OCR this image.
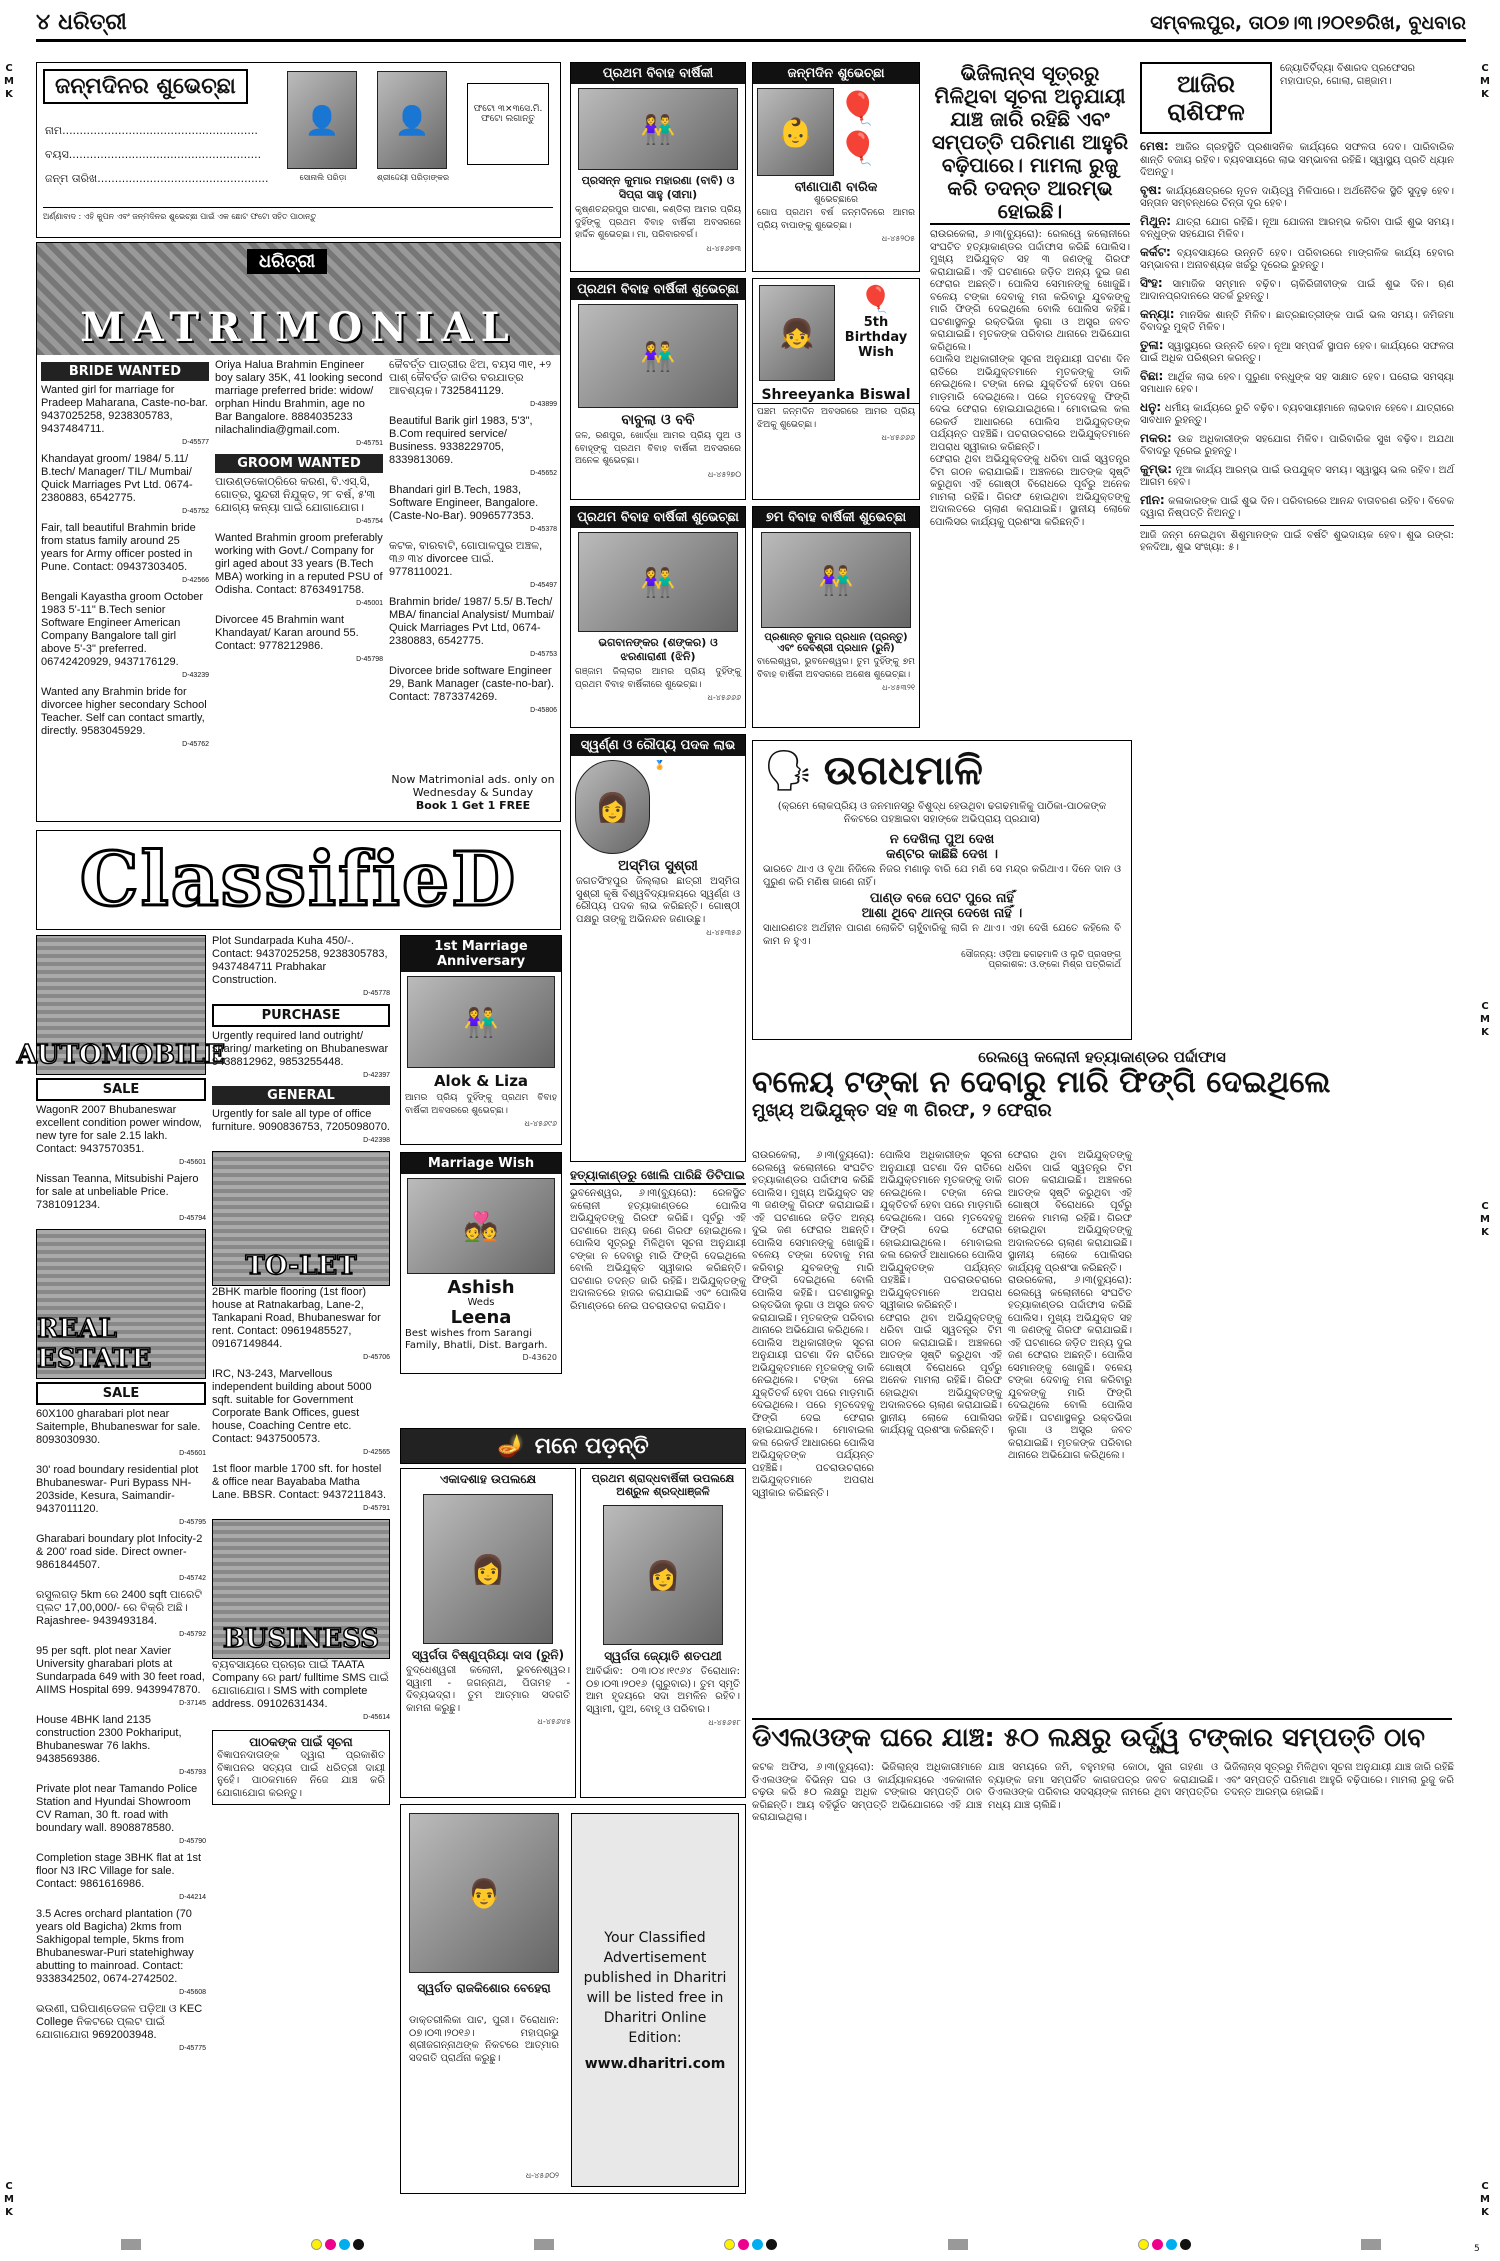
C
M
K
C
M
K
C
M
K
C
M
K
C
M
K
C
M
K
୪ ଧରିତ୍ରୀ	ସମ୍ବଲପୁର, ତା୦୭।୩।୨୦୧୭ରିଖ, ବୁଧବାର
ଜନ୍ମଦିନର ଶୁଭେଚ୍ଛା
ନାମ........................................................
ବୟସ.......................................................
ଜନ୍ମ ତାରିଖ.................................................
👤
ସୋନାଲି ପରିଡ଼ା
👤
ଶ୍ରୀଦ୍ଦେୟୀ ପରିଡ଼ାଙ୍କର
ଫଟୋ ୩×୩ସେ.ମି. ଫଟୋ ଲଗାନ୍ତୁ
ଅର୍ଣ୍ଣାବାଦ : ଏହି କୁପନ ଏବଂ ଜନ୍ମଦିନର ଶୁଭେଚ୍ଛା ପାଇଁ ଏକ ଛୋଟ ଫଟୋ ସହିତ ପାଠାନ୍ତୁ
ଧରିତ୍ରୀ
MATRIMONIAL
BRIDE WANTED
Wanted girl for marriage for Pradeep Maharana, Caste-no-bar. 9437025258, 9238305783, 9437484711.
D-45577
Khandayat groom/ 1984/ 5.11/ B.tech/ Manager/ TIL/ Mumbai/ Quick Marriages Pvt Ltd. 0674-2380883, 6542775.
D-45752
Fair, tall beautiful Brahmin bride from status family around 25 years for Army officer posted in Pune. Contact: 09437303405.
D-42566
Bengali Kayastha groom October 1983 5'-11" B.Tech senior Software Engineer American Company Bangalore tall girl above 5'-3" preferred. 06742420929, 9437176129.
D-43239
Wanted any Brahmin bride for divorcee higher secondary School Teacher. Self can contact smartly, directly. 9583045929.
D-45762
Oriya Halua Brahmin Engineer boy salary 35K, 41 looking second marriage preferred bride: widow/ orphan Hindu Brahmin, age no Bar Bangalore. 8884035233 nilachalindia@gmail.com.
D-45751
GROOM WANTED
ପାଉଣ୍ଡକୋଠ୍ରିରେ କରଣ, ବି.ଏସ୍.ସି, ଗୋତ୍ର, ସୁନ୍ଦରୀ ନିଯୁକ୍ତ, ୨୮ ବର୍ଷ, ୫'୩ ଯୋଗ୍ୟ କନ୍ୟା ପାଇଁ ଯୋଗାଯୋଗ।
D-45754
Wanted Brahmin groom preferably working with Govt./ Company for girl aged about 33 years (B.Tech MBA) working in a reputed PSU of Odisha. Contact: 8763491758.
D-45001
Divorcee 45 Brahmin want Khandayat/ Karan around 55. Contact: 9778212986.
D-45798
କୈବର୍ତ୍ତ ପାତ୍ରୀର ଝିଅ, ବୟସ ୩୧, +୨ ପାଶ୍ କୈବର୍ତ୍ତ ଜାତିର ବରଯାତ୍ର ଆବଶ୍ୟକ। 7325841129.
D-43899
Beautiful Barik girl 1983, 5'3", B.Com required service/ Business. 9338229705, 8339813069.
D-45652
Bhandari girl B.Tech, 1983, Software Engineer, Bangalore. (Caste-No-Bar). 9096577353.
D-45378
କଟକ, ବାରବାଟି, ଗୋପାଳପୁର ଅଞ୍ଚଳ, ୩୬ ୩୪ divorcee ପାଇଁ. 9778110021.
D-45497
Brahmin bride/ 1987/ 5.5/ B.Tech/ MBA/ financial Analysist/ Mumbai/ Quick Marriages Pvt Ltd, 0674-2380883, 6542775.
D-45753
Divorcee bride software Engineer 29, Bank Manager (caste-no-bar). Contact: 7873374269.
D-45806
Now Matrimonial ads. only on Wednesday & Sunday
Book 1 Get 1 FREE
ClassifieD
AUTOMOBILE
SALE
WagonR 2007 Bhubaneswar excellent condition power window, new tyre for sale 2.15 lakh. Contact: 9437570351.
D-45601
Nissan Teanna, Mitsubishi Pajero for sale at unbeliable Price. 7381091234.
D-45794
REAL ESTATE
SALE
60X100 gharabari plot near Saitemple, Bhubaneswar for sale. 8093030930.
D-45601
30' road boundary residential plot Bhubaneswar- Puri Bypass NH-203side, Kesura, Saimandir- 9437011120.
D-45795
Gharabari boundary plot Infocity-2 & 200' road side. Direct owner- 9861844507.
D-45742
ରସୁଲଗଡ଼ 5km ରେ 2400 sqft ପାରେଟି ପ୍ଲଟ 17,00,000/- ରେ ବିକ୍ରି ଅଛି। Rajashree- 9439493184.
D-45792
95 per sqft. plot near Xavier University gharabari plots at Sundarpada 649 with 30 feet road, AIIMS Hospital 699. 9439947870.
D-37145
House 4BHK land 2135 construction 2300 Pokhariput, Bhubaneswar 76 lakhs. 9438569386.
D-45793
Private plot near Tamando Police Station and Hyundai Showroom CV Raman, 30 ft. road with boundary wall. 8908878580.
D-45790
Completion stage 3BHK flat at 1st floor N3 IRC Village for sale. Contact: 9861616986.
D-44214
3.5 Acres orchard plantation (70 years old Bagicha) 2kms from Sakhigopal temple, 5kms from Bhubaneswar-Puri statehighway abutting to mainroad. Contact: 9338342502, 0674-2742502.
D-45608
ଭଉଣୀ, ଘରିପାଣ୍ଡେଜଳ ପଡ଼ିଆ ଓ KEC College ନିକଟରେ ପ୍ଲଟ ପାଇଁ ଯୋଗାଯୋଗ 9692003948.
D-45775
Plot Sundarpada Kuha 450/-. Contact: 9437025258, 9238305783, 9437484711 Prabhakar Construction.
D-45778
PURCHASE
Urgently required land outright/ sharing/ marketing on Bhubaneswar 9438812962, 9853255448.
D-42397
GENERAL
Urgently for sale all type of office furniture. 9090836753, 7205098070.
D-42398
TO-LET
2BHK marble flooring (1st floor) house at Ratnakarbag, Lane-2, Tankapani Road, Bhubaneswar for rent. Contact: 09619485527, 09167149844.
D-45706
IRC, N3-243, Marvellous independent building about 5000 sqft. suitable for Government Corporate Bank Offices, guest house, Coaching Centre etc. Contact: 9437500573.
D-42565
1st floor marble 1700 sft. for hostel & office near Bayababa Matha Lane. BBSR. Contact: 9437211843.
D-45791
BUSINESS
ବ୍ୟବସାୟରେ ପ୍ରଚାର ପାଇଁ TAATA Company ରେ part/ fulltime SMS ପାଇଁ ଯୋଗାଯୋଗ। SMS with complete address. 09102631434.
D-45614
ପାଠକଙ୍କ ପାଇଁ ସୂଚନା
ବିଜ୍ଞାପନଦାତାଙ୍କ ଦ୍ୱାରା ପ୍ରକାଶିତ ବିଜ୍ଞାପନର ସତ୍ୟତା ପାଇଁ ଧରିତ୍ରୀ ଦାୟୀ ନୁହେଁ। ପାଠକମାନେ ନିଜେ ଯାଞ୍ଚ କରି ଯୋଗାଯୋଗ କରନ୍ତୁ।
ପ୍ରଥମ ବିବାହ ବାର୍ଷିକୀ
👫
ପ୍ରସନ୍ନ କୁମାର ମହାରଣା (ବାବି) ଓ ସିପ୍ରା ସାହୁ (ସୀମା)
କୃଷ୍ଣଚନ୍ଦ୍ରପୁର ପାଟଣା, କଣ୍ଡିଲା ଆମର ପ୍ରିୟ ଦୁହିଁଙ୍କୁ ପ୍ରଥମ ବିବାହ ବାର୍ଷିକୀ ଅବସରରେ ହାର୍ଦ୍ଦିକ ଶୁଭେଚ୍ଛା। ମା, ପରିବାରବର୍ଗ।
ଧ-୪୫୬୭୩
ଜନ୍ମଦିନ ଶୁଭେଚ୍ଛା
👶
🎈🎈
ବୀଣାପାଣି ବାରିକ
ଶୁଭେଚ୍ଛାରେ
ଗୋପ ପ୍ରଥମ ବର୍ଷ ଜନ୍ମଦିନରେ ଆମର ପ୍ରିୟ ବାପାଙ୍କୁ ଶୁଭେଚ୍ଛା।
ଧ-୪୫୨୦୫
ପ୍ରଥମ ବିବାହ ବାର୍ଷିକୀ ଶୁଭେଚ୍ଛା
👫
ବାବୁଲା ଓ ବବି
ଜଳ, ରଣପୁର, ଖୋର୍ଦ୍ଧା ଆମର ପ୍ରିୟ ପୁଅ ଓ ବୋହୂଙ୍କୁ ପ୍ରଥମ ବିବାହ ବାର୍ଷିକୀ ଅବସରରେ ଅନେକ ଶୁଭେଚ୍ଛା।
ଧ-୪୫୨୭୦
👧
🎈
5th Birthday Wish
Shreeyanka Biswal
ପଞ୍ଚମ ଜନ୍ମଦିନ ଅବସରରେ ଆମର ପ୍ରିୟ ଝିଅକୁ ଶୁଭେଚ୍ଛା।
ଧ-୪୫୬୬୬
ପ୍ରଥମ ବିବାହ ବାର୍ଷିକୀ ଶୁଭେଚ୍ଛା
👫
ଭଗବାନଙ୍କର (ଶଙ୍କର) ଓ ଝରଣାରାଣୀ (ଝିନି)
ଗଞ୍ଜାମ ଜିଲ୍ଲାର ଆମର ପ୍ରିୟ ଦୁହିଁଙ୍କୁ ପ୍ରଥମ ବିବାହ ବାର୍ଷିକୀରେ ଶୁଭେଚ୍ଛା।
ଧ-୪୫୬୬୬
୭ମ ବିବାହ ବାର୍ଷିକୀ ଶୁଭେଚ୍ଛା
👫
ପ୍ରଶାନ୍ତ କୁମାର ପ୍ରଧାନ (ପ୍ରନ୍ତୁ) ଏବଂ ଦେବଶ୍ରୀ ପ୍ରଧାନ (ରୁନି)
ବାଲେଶ୍ୱର, ଭୁବନେଶ୍ୱର। ତୁମ ଦୁହିଁଙ୍କୁ ୭ମ ବିବାହ ବାର୍ଷିକୀ ଅବସରରେ ଅଶେଷ ଶୁଭେଚ୍ଛା।
ଧ-୪୫୩୨୧
ସ୍ୱର୍ଣ୍ଣ ଓ ରୌପ୍ୟ ପଦକ ଲାଭ
👩
🏅
ଅସ୍ମିତା ସୁଶ୍ରୀ
ଜଗତସିଂହପୁର ଜିଲ୍ଲାର ଛାତ୍ରୀ ଅସ୍ମିତା ସୁଶ୍ରୀ କୃଷି ବିଶ୍ୱବିଦ୍ୟାଳୟରେ ସ୍ୱର୍ଣ୍ଣ ଓ ରୌପ୍ୟ ପଦକ ଲାଭ କରିଛନ୍ତି। ଗୋଷ୍ଠୀ ପକ୍ଷରୁ ତାଙ୍କୁ ଅଭିନନ୍ଦନ ଜଣାଉଛୁ।
ଧ-୪୫୩୫୬
1st Marriage Anniversary
👫
Alok & Liza
ଆମର ପ୍ରିୟ ଦୁହିଁଙ୍କୁ ପ୍ରଥମ ବିବାହ ବାର୍ଷିକୀ ଅବସରରେ ଶୁଭେଚ୍ଛା।
ଧ-୪୫୬୯୬
Marriage Wish
💑
Ashish
Weds
Leena
Best wishes from Sarangi Family, Bhatli, Dist. Bargarh.
D-43620
ହତ୍ୟାକାଣ୍ଡରୁ ଖୋଲି ପାରିଛି ଡିଟିପାଇ
ଭୁବନେଶ୍ୱର, ୬।୩(ବ୍ୟୁରୋ): ରେଳସ୍ଥିତ କଲୋନୀ ହତ୍ୟାକାଣ୍ଡରେ ପୋଲିସ ଅଭିଯୁକ୍ତଙ୍କୁ ଗିରଫ କରିଛି। ପୂର୍ବରୁ ଏହି ଘଟଣାରେ ଅନ୍ୟ ଜଣେ ଗିରଫ ହୋଇଥିଲେ। ପୋଲିସ ସୂତ୍ରରୁ ମିଳିଥିବା ସୂଚନା ଅନୁଯାୟୀ ଟଙ୍କା ନ ଦେବାରୁ ମାରି ଫିଙ୍ଗି ଦେଇଥିଲେ ବୋଲି ଅଭିଯୁକ୍ତ ସ୍ୱୀକାର କରିଛନ୍ତି। ଘଟଣାର ତଦନ୍ତ ଜାରି ରହିଛି। ଅଭିଯୁକ୍ତଙ୍କୁ ଅଦାଲତରେ ହାଜର କରାଯାଇଛି ଏବଂ ପୋଲିସ ରିମାଣ୍ଡରେ ନେଇ ପଚରାଉଚରା କରାଯିବ।
🗣 ଉଗଧମାଳି
(କ୍ରମେ ଲୋକପ୍ରିୟ ଓ ଜନମାନସରୁ ବିଶୁଦ୍ଧ ହେଉଥିବା ଢଗଢମାଳିକୁ ପାଠିକା-ପାଠକଙ୍କ ନିକଟରେ ପହଞ୍ଚାଇବା ସହାଙ୍କେ ଅଭିପ୍ରାୟ ପ୍ରଯାସ)
ନ ଦେଖିଲା ପୁଅ ଦେଖ
କଣ୍ଟର କାଛିଛି ଦେଖ ।
ଭାରତେ ଥାଏ ଓ ବୃଥା ନିଜିଲେ ନିଜର ମଣାଲୁ ବାରି ଯେ ମଣି ସେ ମନ୍ଦ୍ର କରିଥାଏ। ଦିନେ ଦାନ ଓ ପୁରୁଣ କରି ମଣିଷ ଜାଣେ ନାହିଁ।
ପାଣ୍ଡ ବଜେ ପେଟ ପୁରେ ନାହିଁ
ଆଶା ଥିବେ ଥାନ୍ତା ଦେଖେ ନାହିଁ ।
ସାଧାରଣତଃ ଅର୍ଥହୀନ ପାଗଣ ଲୋକିଟି ଚାହୁଁବାରିକୁ ଲାଗି ନ ଥାଏ। ଏହା ଦେଖି ଯେତେ କହିଲେ ବି କାମ ନ ହୁଏ।
ସୌଜନ୍ୟ: ଓଡ଼ିଆ ଢଗଢମାଳି ଓ ଲୁଚି ପ୍ରସଙ୍ଗ
ପ୍ରକାଶକ: ଓ.ଙ୍କୋ ମିଶ୍ର ପତ୍ରିକାର୍ଥ
ଭିଜିଲାନ୍ସ ସୂତ୍ରରୁ ମିଳିଥିବା ସୂଚନା ଅନୁଯାୟୀ ଯାଞ୍ଚ ଜାରି ରହିଛି ଏବଂ ସମ୍ପତ୍ତି ପରିମାଣ ଆହୁରି ବଢ଼ିପାରେ। ମାମଲା ରୁଜୁ କରି ତଦନ୍ତ ଆରମ୍ଭ ହୋଇଛି।
ରାଉରକେଲା, ୬।୩(ବ୍ୟୁରୋ): ରେଲୱେ କଲୋନୀରେ ସଂଘଟିତ ହତ୍ୟାକାଣ୍ଡର ପର୍ଦ୍ଦାଫାସ କରିଛି ପୋଲିସ। ମୁଖ୍ୟ ଅଭିଯୁକ୍ତ ସହ ୩ ଜଣଙ୍କୁ ଗିରଫ କରାଯାଇଛି। ଏହି ଘଟଣାରେ ଜଡ଼ିତ ଅନ୍ୟ ଦୁଇ ଜଣ ଫେରାର ଅଛନ୍ତି। ପୋଲିସ ସେମାନଙ୍କୁ ଖୋଜୁଛି। ବଳେୟ ଟଙ୍କା ଦେବାକୁ ମନା କରିବାରୁ ଯୁବକଙ୍କୁ ମାରି ଫିଙ୍ଗି ଦେଇଥିଲେ ବୋଲି ପୋଲିସ କହିଛି। ଘଟଣାସ୍ଥଳରୁ ରକ୍ତଭିଜା ଲୁଗା ଓ ଅସ୍ତ୍ର ଜବତ କରାଯାଇଛି। ମୃତକଙ୍କ ପରିବାର ଥାନାରେ ଅଭିଯୋଗ କରିଥିଲେ।
ପୋଲିସ ଅଧିକାରୀଙ୍କ ସୂଚନା ଅନୁଯାୟୀ ଘଟଣା ଦିନ ରାତିରେ ଅଭିଯୁକ୍ତମାନେ ମୃତକଙ୍କୁ ଡାକି ନେଇଥିଲେ। ଟଙ୍କା ନେଇ ଯୁକ୍ତିତର୍କ ହେବା ପରେ ମାଡ଼ମାରି ଦେଇଥିଲେ। ପରେ ମୃତଦେହକୁ ଫିଙ୍ଗି ଦେଇ ଫେରାର ହୋଇଯାଇଥିଲେ। ମୋବାଇଲ କଲ ରେକର୍ଡ ଆଧାରରେ ପୋଲିସ ଅଭିଯୁକ୍ତଙ୍କ ପର୍ଯ୍ୟନ୍ତ ପହଞ୍ଚିଛି। ପଚରାଉଚରାରେ ଅଭିଯୁକ୍ତମାନେ ଅପରାଧ ସ୍ୱୀକାର କରିଛନ୍ତି।
ଫେରାର ଥିବା ଅଭିଯୁକ୍ତଙ୍କୁ ଧରିବା ପାଇଁ ସ୍ୱତନ୍ତ୍ର ଟିମ ଗଠନ କରାଯାଇଛି। ଅଞ୍ଚଳରେ ଆତଙ୍କ ସୃଷ୍ଟି କରୁଥିବା ଏହି ଗୋଷ୍ଠୀ ବିରୋଧରେ ପୂର୍ବରୁ ଅନେକ ମାମଲା ରହିଛି। ଗିରଫ ହୋଇଥିବା ଅଭିଯୁକ୍ତଙ୍କୁ ଅଦାଲତରେ ଚାଲାଣ କରାଯାଇଛି। ସ୍ଥାନୀୟ ଲୋକେ ପୋଲିସର କାର୍ଯ୍ୟକୁ ପ୍ରଶଂସା କରିଛନ୍ତି।
ରେଲୱେ କଲୋନୀ ହତ୍ୟାକାଣ୍ଡର ପର୍ଦ୍ଦାଫାସ
ବଳେୟ ଟଙ୍କା ନ ଦେବାରୁ ମାରି ଫିଙ୍ଗି ଦେଇଥିଲେ
ମୁଖ୍ୟ ଅଭିଯୁକ୍ତ ସହ ୩ ଗିରଫ, ୨ ଫେରାର
ରାଉରକେଲା, ୬।୩(ବ୍ୟୁରୋ): ରେଲୱେ କଲୋନୀରେ ସଂଘଟିତ ହତ୍ୟାକାଣ୍ଡର ପର୍ଦ୍ଦାଫାସ କରିଛି ପୋଲିସ। ମୁଖ୍ୟ ଅଭିଯୁକ୍ତ ସହ ୩ ଜଣଙ୍କୁ ଗିରଫ କରାଯାଇଛି। ଏହି ଘଟଣାରେ ଜଡ଼ିତ ଅନ୍ୟ ଦୁଇ ଜଣ ଫେରାର ଅଛନ୍ତି। ପୋଲିସ ସେମାନଙ୍କୁ ଖୋଜୁଛି। ବଳେୟ ଟଙ୍କା ଦେବାକୁ ମନା କରିବାରୁ ଯୁବକଙ୍କୁ ମାରି ଫିଙ୍ଗି ଦେଇଥିଲେ ବୋଲି ପୋଲିସ କହିଛି। ଘଟଣାସ୍ଥଳରୁ ରକ୍ତଭିଜା ଲୁଗା ଓ ଅସ୍ତ୍ର ଜବତ କରାଯାଇଛି। ମୃତକଙ୍କ ପରିବାର ଥାନାରେ ଅଭିଯୋଗ କରିଥିଲେ।
ପୋଲିସ ଅଧିକାରୀଙ୍କ ସୂଚନା ଅନୁଯାୟୀ ଘଟଣା ଦିନ ରାତିରେ ଅଭିଯୁକ୍ତମାନେ ମୃତକଙ୍କୁ ଡାକି ନେଇଥିଲେ। ଟଙ୍କା ନେଇ ଯୁକ୍ତିତର୍କ ହେବା ପରେ ମାଡ଼ମାରି ଦେଇଥିଲେ। ପରେ ମୃତଦେହକୁ ଫିଙ୍ଗି ଦେଇ ଫେରାର ହୋଇଯାଇଥିଲେ। ମୋବାଇଲ କଲ ରେକର୍ଡ ଆଧାରରେ ପୋଲିସ ଅଭିଯୁକ୍ତଙ୍କ ପର୍ଯ୍ୟନ୍ତ ପହଞ୍ଚିଛି। ପଚରାଉଚରାରେ ଅଭିଯୁକ୍ତମାନେ ଅପରାଧ ସ୍ୱୀକାର କରିଛନ୍ତି।
ପୋଲିସ ଅଧିକାରୀଙ୍କ ସୂଚନା ଅନୁଯାୟୀ ଘଟଣା ଦିନ ରାତିରେ ଅଭିଯୁକ୍ତମାନେ ମୃତକଙ୍କୁ ଡାକି ନେଇଥିଲେ। ଟଙ୍କା ନେଇ ଯୁକ୍ତିତର୍କ ହେବା ପରେ ମାଡ଼ମାରି ଦେଇଥିଲେ। ପରେ ମୃତଦେହକୁ ଫିଙ୍ଗି ଦେଇ ଫେରାର ହୋଇଯାଇଥିଲେ। ମୋବାଇଲ କଲ ରେକର୍ଡ ଆଧାରରେ ପୋଲିସ ଅଭିଯୁକ୍ତଙ୍କ ପର୍ଯ୍ୟନ୍ତ ପହଞ୍ଚିଛି। ପଚରାଉଚରାରେ ଅଭିଯୁକ୍ତମାନେ ଅପରାଧ ସ୍ୱୀକାର କରିଛନ୍ତି।
ଫେରାର ଥିବା ଅଭିଯୁକ୍ତଙ୍କୁ ଧରିବା ପାଇଁ ସ୍ୱତନ୍ତ୍ର ଟିମ ଗଠନ କରାଯାଇଛି। ଅଞ୍ଚଳରେ ଆତଙ୍କ ସୃଷ୍ଟି କରୁଥିବା ଏହି ଗୋଷ୍ଠୀ ବିରୋଧରେ ପୂର୍ବରୁ ଅନେକ ମାମଲା ରହିଛି। ଗିରଫ ହୋଇଥିବା ଅଭିଯୁକ୍ତଙ୍କୁ ଅଦାଲତରେ ଚାଲାଣ କରାଯାଇଛି। ସ୍ଥାନୀୟ ଲୋକେ ପୋଲିସର କାର୍ଯ୍ୟକୁ ପ୍ରଶଂସା କରିଛନ୍ତି।
ଫେରାର ଥିବା ଅଭିଯୁକ୍ତଙ୍କୁ ଧରିବା ପାଇଁ ସ୍ୱତନ୍ତ୍ର ଟିମ ଗଠନ କରାଯାଇଛି। ଅଞ୍ଚଳରେ ଆତଙ୍କ ସୃଷ୍ଟି କରୁଥିବା ଏହି ଗୋଷ୍ଠୀ ବିରୋଧରେ ପୂର୍ବରୁ ଅନେକ ମାମଲା ରହିଛି। ଗିରଫ ହୋଇଥିବା ଅଭିଯୁକ୍ତଙ୍କୁ ଅଦାଲତରେ ଚାଲାଣ କରାଯାଇଛି। ସ୍ଥାନୀୟ ଲୋକେ ପୋଲିସର କାର୍ଯ୍ୟକୁ ପ୍ରଶଂସା କରିଛନ୍ତି।
ରାଉରକେଲା, ୬।୩(ବ୍ୟୁରୋ): ରେଲୱେ କଲୋନୀରେ ସଂଘଟିତ ହତ୍ୟାକାଣ୍ଡର ପର୍ଦ୍ଦାଫାସ କରିଛି ପୋଲିସ। ମୁଖ୍ୟ ଅଭିଯୁକ୍ତ ସହ ୩ ଜଣଙ୍କୁ ଗିରଫ କରାଯାଇଛି। ଏହି ଘଟଣାରେ ଜଡ଼ିତ ଅନ୍ୟ ଦୁଇ ଜଣ ଫେରାର ଅଛନ୍ତି। ପୋଲିସ ସେମାନଙ୍କୁ ଖୋଜୁଛି। ବଳେୟ ଟଙ୍କା ଦେବାକୁ ମନା କରିବାରୁ ଯୁବକଙ୍କୁ ମାରି ଫିଙ୍ଗି ଦେଇଥିଲେ ବୋଲି ପୋଲିସ କହିଛି। ଘଟଣାସ୍ଥଳରୁ ରକ୍ତଭିଜା ଲୁଗା ଓ ଅସ୍ତ୍ର ଜବତ କରାଯାଇଛି। ମୃତକଙ୍କ ପରିବାର ଥାନାରେ ଅଭିଯୋଗ କରିଥିଲେ।
🪔 ମନେ ପଡ଼ନ୍ତି
ଏକାଦଶାହ ଉପଲକ୍ଷେ
👩
ସ୍ୱର୍ଗତା ବିଷ୍ଣୁପ୍ରିୟା ଦାସ (ରୁନି)
ବୁଦ୍ଧେଶ୍ୱରୀ କଲୋନୀ, ଭୁବନେଶ୍ୱର। ସ୍ୱାମୀ - ଜଗନ୍ନାଥ, ପିତାମହ - ଦିବ୍ୟଭଦ୍ରା। ତୁମ ଆତ୍ମାର ସଦଗତି କାମନା କରୁଛୁ।
ଧ-୪୫୬୪୫
ପ୍ରଥମ ଶ୍ରାଦ୍ଧବାର୍ଷିକୀ ଉପଲକ୍ଷେ ଅଶ୍ରୁଳ ଶ୍ରଦ୍ଧାଞ୍ଜଳି
👩
ସ୍ୱର୍ଗତା ଜ୍ୟୋତି ଶତପଥୀ
ଆବିର୍ଭାବ: ୦୩।୦୪।୧୯୬୪ ତିରୋଧାନ: ୦୭।୦୩।୨୦୧୬ (ଗୁରୁବାର)। ତୁମ ସ୍ମୃତି ଆମ ହୃଦୟରେ ସଦା ଅମଳିନ ରହିବ। ସ୍ୱାମୀ, ପୁଅ, ବୋହୂ ଓ ପରିବାର।
ଧ-୪୫୬୫୮
👨
ସ୍ୱର୍ଗତ ରାଜକିଶୋର ବେହେରା
ଡାକ୍ତରୀଲିକା ପାଟ, ପୁରୀ। ତିରୋଧାନ: ୦୭।୦୩।୨୦୧୬। ମହାପ୍ରଭୁ ଶ୍ରୀଜଗନ୍ନାଥଙ୍କ ନିକଟରେ ଆତ୍ମାର ସଦଗତି ପ୍ରାର୍ଥନା କରୁଛୁ।
ଧ-୪୫୬୦୨
Your Classified Advertisement published in Dharitri will be listed free in Dharitri Online Edition:
www.dharitri.com
ଡିଏଲଓଙ୍କ ଘରେ ଯାଞ୍ଚ: ୫୦ ଲକ୍ଷରୁ ଉର୍ଦ୍ଧ୍ୱ ଟଙ୍କାର ସମ୍ପତ୍ତି ଠାବ
କଟକ ଅଫିସ, ୬।୩(ବ୍ୟୁରୋ): ଭିଜିଲାନ୍ସ ଅଧିକାରୀମାନେ ଡିଏଲଓଙ୍କ ବିଭିନ୍ନ ଘର ଓ କାର୍ଯ୍ୟାଳୟରେ ଏକକାଳୀନ ଚଢ଼ଉ କରି ୫୦ ଲକ୍ଷରୁ ଅଧିକ ଟଙ୍କାର ସମ୍ପତ୍ତି ଠାବ କରିଛନ୍ତି। ଆୟ ବହିର୍ଭୂତ ସମ୍ପତ୍ତି ଅଭିଯୋଗରେ ଏହି ଯାଞ୍ଚ କରାଯାଇଥିଲା।
ଯାଞ୍ଚ ସମୟରେ ଜମି, ବହୁମହଲା କୋଠା, ସୁନା ଗହଣା ଓ ବ୍ୟାଙ୍କ ଜମା ସମ୍ପର୍କିତ କାଗଜପତ୍ର ଜବତ କରାଯାଇଛି। ଡିଏଲଓଙ୍କ ପରିବାର ସଦସ୍ୟଙ୍କ ନାମରେ ଥିବା ସମ୍ପତ୍ତିର ମଧ୍ୟ ଯାଞ୍ଚ ଚାଲିଛି।
ଭିଜିଲାନ୍ସ ସୂତ୍ରରୁ ମିଳିଥିବା ସୂଚନା ଅନୁଯାୟୀ ଯାଞ୍ଚ ଜାରି ରହିଛି ଏବଂ ସମ୍ପତ୍ତି ପରିମାଣ ଆହୁରି ବଢ଼ିପାରେ। ମାମଲା ରୁଜୁ କରି ତଦନ୍ତ ଆରମ୍ଭ ହୋଇଛି।
ଆଜିର ରାଶିଫଳ
ଜ୍ୟୋତିର୍ବିଦ୍ୟା ବିଶାରଦ ପ୍ରଫେସର ମହାପାତ୍ର, ଗୋଲା, ଗଞ୍ଜାମ।

ମେଷ: ଆଜିର ଗ୍ରହସ୍ଥିତି ପ୍ରଶାସନିକ କାର୍ଯ୍ୟରେ ସଫଳତା ଦେବ। ପାରିବାରିକ ଶାନ୍ତି ବଜାୟ ରହିବ। ବ୍ୟବସାୟରେ ଲାଭ ସମ୍ଭାବନା ରହିଛି। ସ୍ୱାସ୍ଥ୍ୟ ପ୍ରତି ଧ୍ୟାନ ଦିଅନ୍ତୁ।

ବୃଷ: କାର୍ଯ୍ୟକ୍ଷେତ୍ରରେ ନୂତନ ଦାୟିତ୍ୱ ମିଳିପାରେ। ଅର୍ଥନୈତିକ ସ୍ଥିତି ସୁଦୃଢ଼ ହେବ। ସନ୍ତାନ ସମ୍ବନ୍ଧରେ ଚିନ୍ତା ଦୂର ହେବ।

ମିଥୁନ: ଯାତ୍ରା ଯୋଗ ରହିଛି। ନୂଆ ଯୋଜନା ଆରମ୍ଭ କରିବା ପାଇଁ ଶୁଭ ସମୟ। ବନ୍ଧୁଙ୍କ ସହଯୋଗ ମିଳିବ।

କର୍କଟ: ବ୍ୟବସାୟରେ ଉନ୍ନତି ହେବ। ପରିବାରରେ ମାଙ୍ଗଳିକ କାର୍ଯ୍ୟ ହେବାର ସମ୍ଭାବନା। ଅନାବଶ୍ୟକ ଖର୍ଚ୍ଚରୁ ଦୂରେଇ ରୁହନ୍ତୁ।

ସିଂହ: ସାମାଜିକ ସମ୍ମାନ ବଢ଼ିବ। ଚାକିରିଜୀବୀଙ୍କ ପାଇଁ ଶୁଭ ଦିନ। ଋଣ ଆଦାନପ୍ରଦାନରେ ସତର୍କ ରୁହନ୍ତୁ।

କନ୍ୟା: ମାନସିକ ଶାନ୍ତି ମିଳିବ। ଛାତ୍ରଛାତ୍ରୀଙ୍କ ପାଇଁ ଭଲ ସମୟ। ଜମିଜମା ବିବାଦରୁ ମୁକ୍ତି ମିଳିବ।

ତୁଳା: ସ୍ୱାସ୍ଥ୍ୟରେ ଉନ୍ନତି ହେବ। ନୂଆ ସମ୍ପର୍କ ସ୍ଥାପନ ହେବ। କାର୍ଯ୍ୟରେ ସଫଳତା ପାଇଁ ଅଧିକ ପରିଶ୍ରମ କରନ୍ତୁ।

ବିଛା: ଆର୍ଥିକ ଲାଭ ହେବ। ପୁରୁଣା ବନ୍ଧୁଙ୍କ ସହ ସାକ୍ଷାତ ହେବ। ଘରୋଇ ସମସ୍ୟା ସମାଧାନ ହେବ।

ଧନୁ: ଧର୍ମୀୟ କାର୍ଯ୍ୟରେ ରୁଚି ବଢ଼ିବ। ବ୍ୟବସାୟୀମାନେ ଲାଭବାନ ହେବେ। ଯାତ୍ରାରେ ସାବଧାନ ରୁହନ୍ତୁ।

ମକର: ଉଚ୍ଚ ଅଧିକାରୀଙ୍କ ସହଯୋଗ ମିଳିବ। ପାରିବାରିକ ସୁଖ ବଢ଼ିବ। ଅଯଥା ବିବାଦରୁ ଦୂରେଇ ରୁହନ୍ତୁ।

କୁମ୍ଭ: ନୂଆ କାର୍ଯ୍ୟ ଆରମ୍ଭ ପାଇଁ ଉପଯୁକ୍ତ ସମୟ। ସ୍ୱାସ୍ଥ୍ୟ ଭଲ ରହିବ। ଅର୍ଥ ଆଗମ ହେବ।

ମୀନ: କଳାକାରଙ୍କ ପାଇଁ ଶୁଭ ଦିନ। ପରିବାରରେ ଆନନ୍ଦ ବାତାବରଣ ରହିବ। ବିବେକ ଦ୍ୱାରା ନିଷ୍ପତ୍ତି ନିଅନ୍ତୁ।

ଆଜି ଜନ୍ମ ନେଇଥିବା ଶିଶୁମାନଙ୍କ ପାଇଁ ବର୍ଷଟି ଶୁଭଦାୟକ ହେବ। ଶୁଭ ରଙ୍ଗ: ହଳଦିଆ, ଶୁଭ ସଂଖ୍ୟା: ୫।
5
